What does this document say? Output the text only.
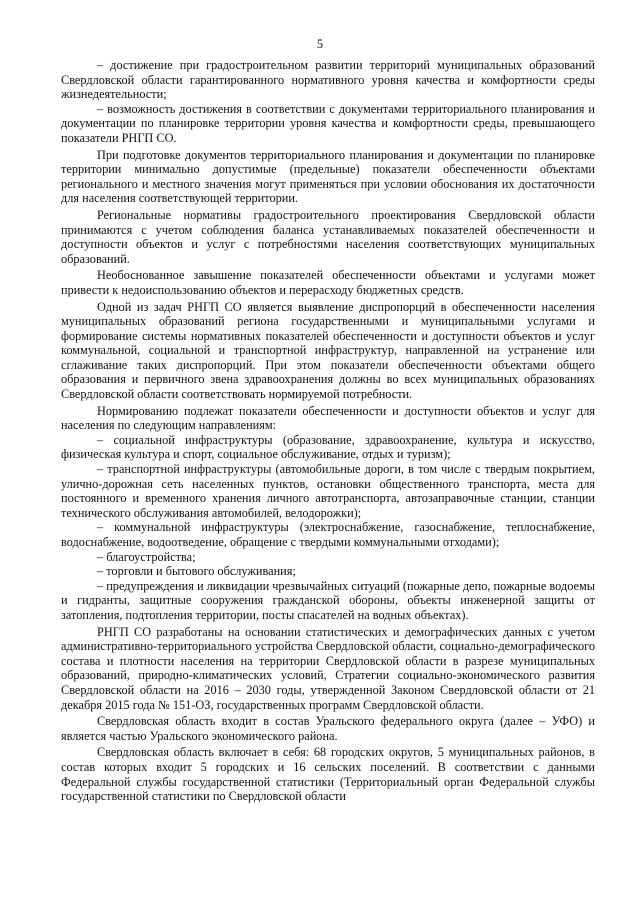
5

– достижение при градостроительном развитии территорий муниципальных образований Свердловской области гарантированного нормативного уровня качества и комфортности среды жизнедеятельности;

– возможность достижения в соответствии с документами территориального планирования и документации по планировке территории уровня качества и комфортности среды, превышающего показатели РНГП СО.

При подготовке документов территориального планирования и документации по планировке территории минимально допустимые (предельные) показатели обеспеченности объектами регионального и местного значения могут применяться при условии обоснования их достаточности для населения соответствующей территории.

Региональные нормативы градостроительного проектирования Свердловской области принимаются с учетом соблюдения баланса устанавливаемых показателей обеспеченности и доступности объектов и услуг с потребностями населения соответствующих муниципальных образований.

Необоснованное завышение показателей обеспеченности объектами и услугами может привести к недоиспользованию объектов и перерасходу бюджетных средств.

Одной из задач РНГП СО является выявление диспропорций в обеспеченности населения муниципальных образований региона государственными и муниципальными услугами и формирование системы нормативных показателей обеспеченности и доступности объектов и услуг коммунальной, социальной и транспортной инфраструктур, направленной на устранение или сглаживание таких диспропорций. При этом показатели обеспеченности объектами общего образования и первичного звена здравоохранения должны во всех муниципальных образованиях Свердловской области соответствовать нормируемой потребности.

Нормированию подлежат показатели обеспеченности и доступности объектов и услуг для населения по следующим направлениям:

– социальной инфраструктуры (образование, здравоохранение, культура и искусство, физическая культура и спорт, социальное обслуживание, отдых и туризм);

– транспортной инфраструктуры (автомобильные дороги, в том числе с твердым покрытием, улично-дорожная сеть населенных пунктов, остановки общественного транспорта, места для постоянного и временного хранения личного автотранспорта, автозаправочные станции, станции технического обслуживания автомобилей, велодорожки);

– коммунальной инфраструктуры (электроснабжение, газоснабжение, теплоснабжение, водоснабжение, водоотведение, обращение с твердыми коммунальными отходами);

– благоустройства;

– торговли и бытового обслуживания;

– предупреждения и ликвидации чрезвычайных ситуаций (пожарные депо, пожарные водоемы и гидранты, защитные сооружения гражданской обороны, объекты инженерной защиты от затопления, подтопления территории, посты спасателей на водных объектах).

РНГП СО разработаны на основании статистических и демографических данных с учетом административно-территориального устройства Свердловской области, социально-демографического состава и плотности населения на территории Свердловской области в разрезе муниципальных образований, природно-климатических условий, Стратегии социально-экономического развития Свердловской области на 2016 – 2030 годы, утвержденной Законом Свердловской области от 21 декабря 2015 года № 151-ОЗ, государственных программ Свердловской области.

Свердловская область входит в состав Уральского федерального округа (далее – УФО) и является частью Уральского экономического района.

Свердловская область включает в себя: 68 городских округов, 5 муниципальных районов, в состав которых входит 5 городских и 16 сельских поселений. В соответствии с данными Федеральной службы государственной статистики (Территориальный орган Федеральной службы государственной статистики по Свердловской области
